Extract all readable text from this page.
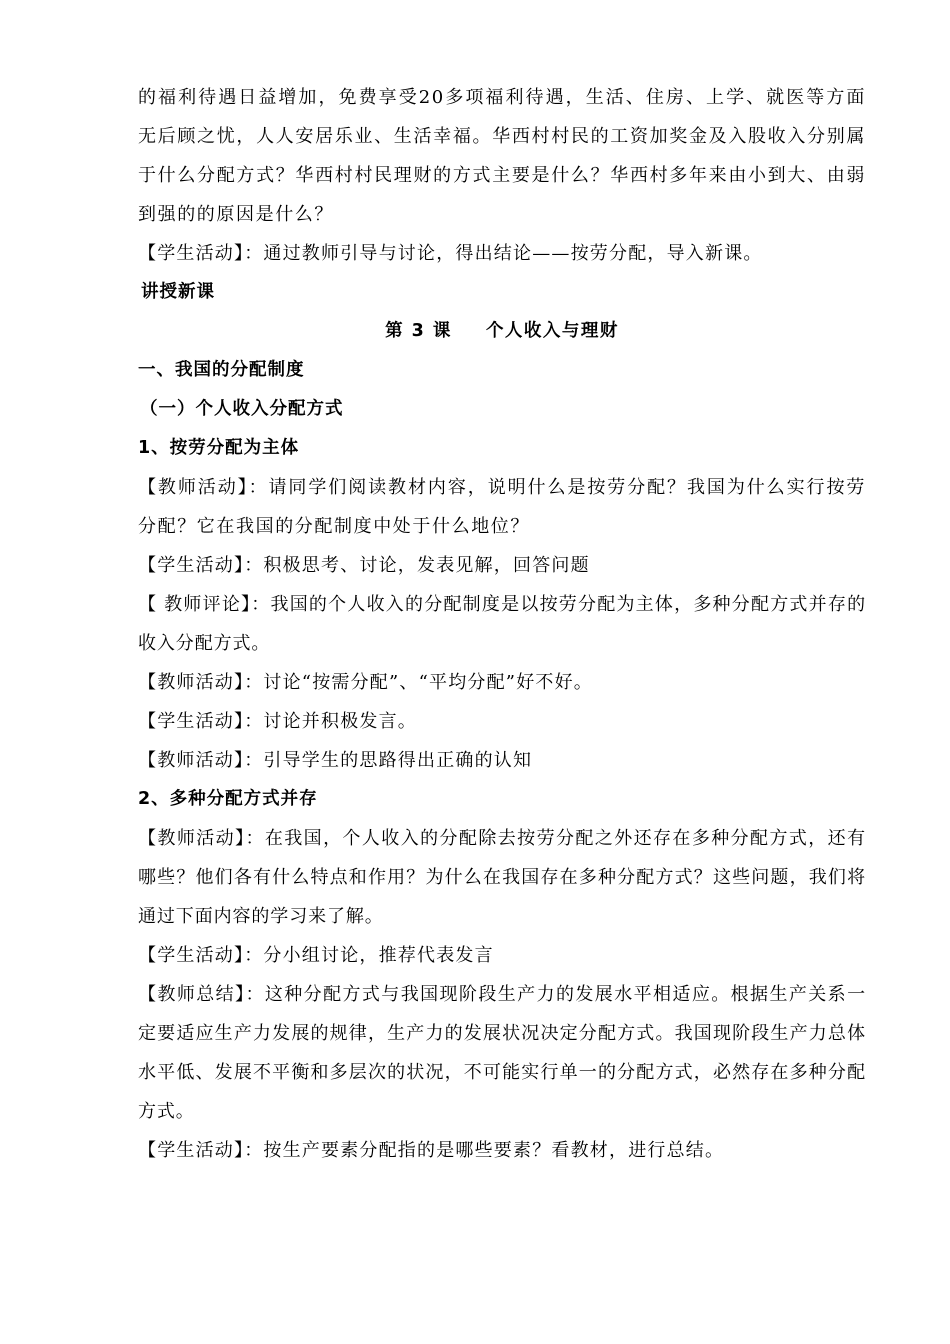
的福利待遇日益增加，免费享受20多项福利待遇，生活、住房、上学、就医等方面无后顾之忧，人人安居乐业、生活幸福。华西村村民的工资加奖金及入股收入分别属于什么分配方式？华西村村民理财的方式主要是什么？华西村多年来由小到大、由弱到强的的原因是什么？

【学生活动】：通过教师引导与讨论，得出结论——按劳分配，导入新课。

讲授新课

第 3 课 个人收入与理财

一、我国的分配制度

（一）个人收入分配方式

1、按劳分配为主体

【教师活动】：请同学们阅读教材内容，说明什么是按劳分配？我国为什么实行按劳分配？它在我国的分配制度中处于什么地位？

【学生活动】：积极思考、讨论，发表见解，回答问题

【 教师评论】：我国的个人收入的分配制度是以按劳分配为主体，多种分配方式并存的收入分配方式。

【教师活动】：讨论“按需分配”、“平均分配”好不好。

【学生活动】：讨论并积极发言。

【教师活动】：引导学生的思路得出正确的认知

2、多种分配方式并存

【教师活动】：在我国，个人收入的分配除去按劳分配之外还存在多种分配方式，还有哪些？他们各有什么特点和作用？为什么在我国存在多种分配方式？这些问题，我们将通过下面内容的学习来了解。

【学生活动】：分小组讨论，推荐代表发言

【教师总结】：这种分配方式与我国现阶段生产力的发展水平相适应。根据生产关系一定要适应生产力发展的规律，生产力的发展状况决定分配方式。我国现阶段生产力总体水平低、发展不平衡和多层次的状况，不可能实行单一的分配方式，必然存在多种分配方式。

【学生活动】：按生产要素分配指的是哪些要素？看教材，进行总结。
